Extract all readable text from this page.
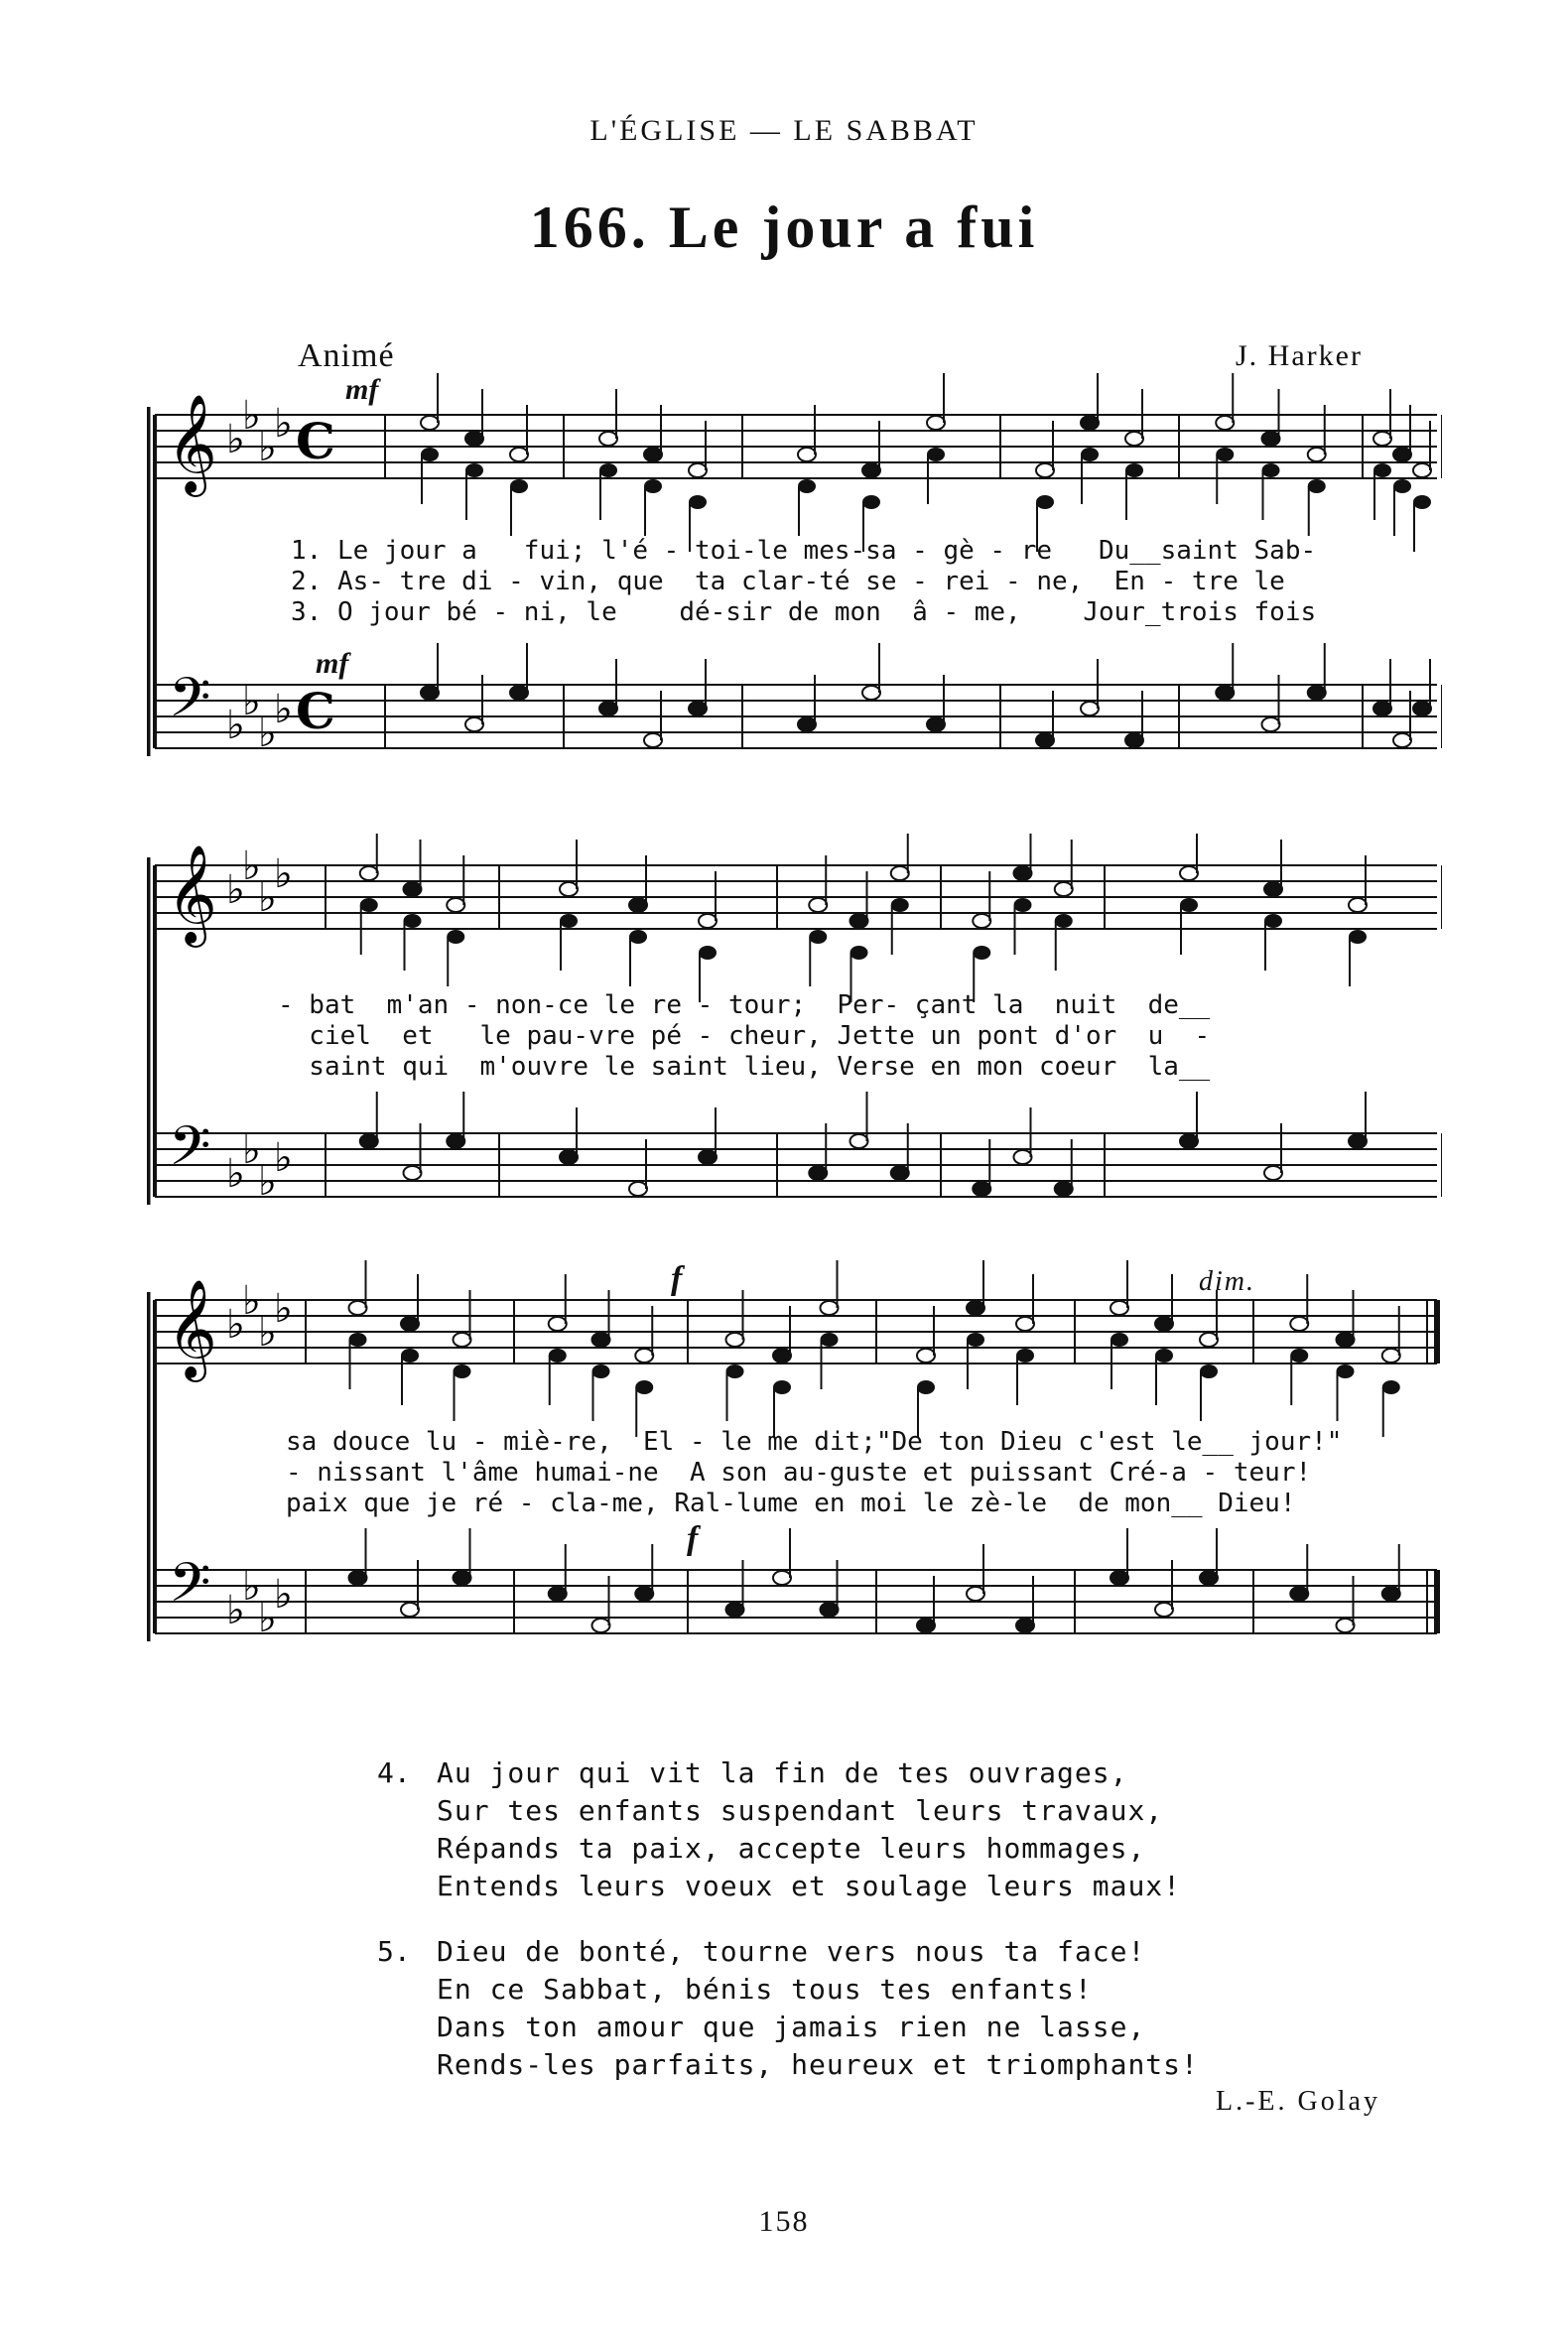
L'ÉGLISE — LE SABBAT
166. Le jour a fui
Animé	J. Harker
𝄞
𝄢
♭
♭
♭
♭
♭
♭
♭
♭
C
C
mf
mf
1. Le jour a   fui; l'é - toi-le mes-sa - gè - re   Du__saint Sab-
2. As- tre di - vin, que  ta clar-té se - rei - ne,  En - tre le
3. O jour bé - ni, le    dé-sir de mon  â - me,    Jour_trois fois
𝄞
𝄢
♭
♭
♭
♭
♭
♭
♭
♭
- bat  m'an - non-ce le re - tour;  Per- çant la  nuit  de__
ciel  et   le pau-vre pé - cheur, Jette un pont d'or  u  -
saint qui  m'ouvre le saint lieu, Verse en mon coeur  la__
𝄞
𝄢
♭
♭
♭
♭
♭
♭
♭
♭
f	dim.
f
sa douce lu - miè-re,  El - le me dit;"De ton Dieu c'est le__ jour!"
- nissant l'âme humai-ne  A son au-guste et puissant Cré-a - teur!
paix que je ré - cla-me, Ral-lume en moi le zè-le  de mon__ Dieu!
4. Au jour qui vit la fin de tes ouvrages,
Sur tes enfants suspendant leurs travaux,
Répands ta paix, accepte leurs hommages,
Entends leurs voeux et soulage leurs maux!
5. Dieu de bonté, tourne vers nous ta face!
En ce Sabbat, bénis tous tes enfants!
Dans ton amour que jamais rien ne lasse,
Rends-les parfaits, heureux et triomphants!
L.-E. Golay
158
